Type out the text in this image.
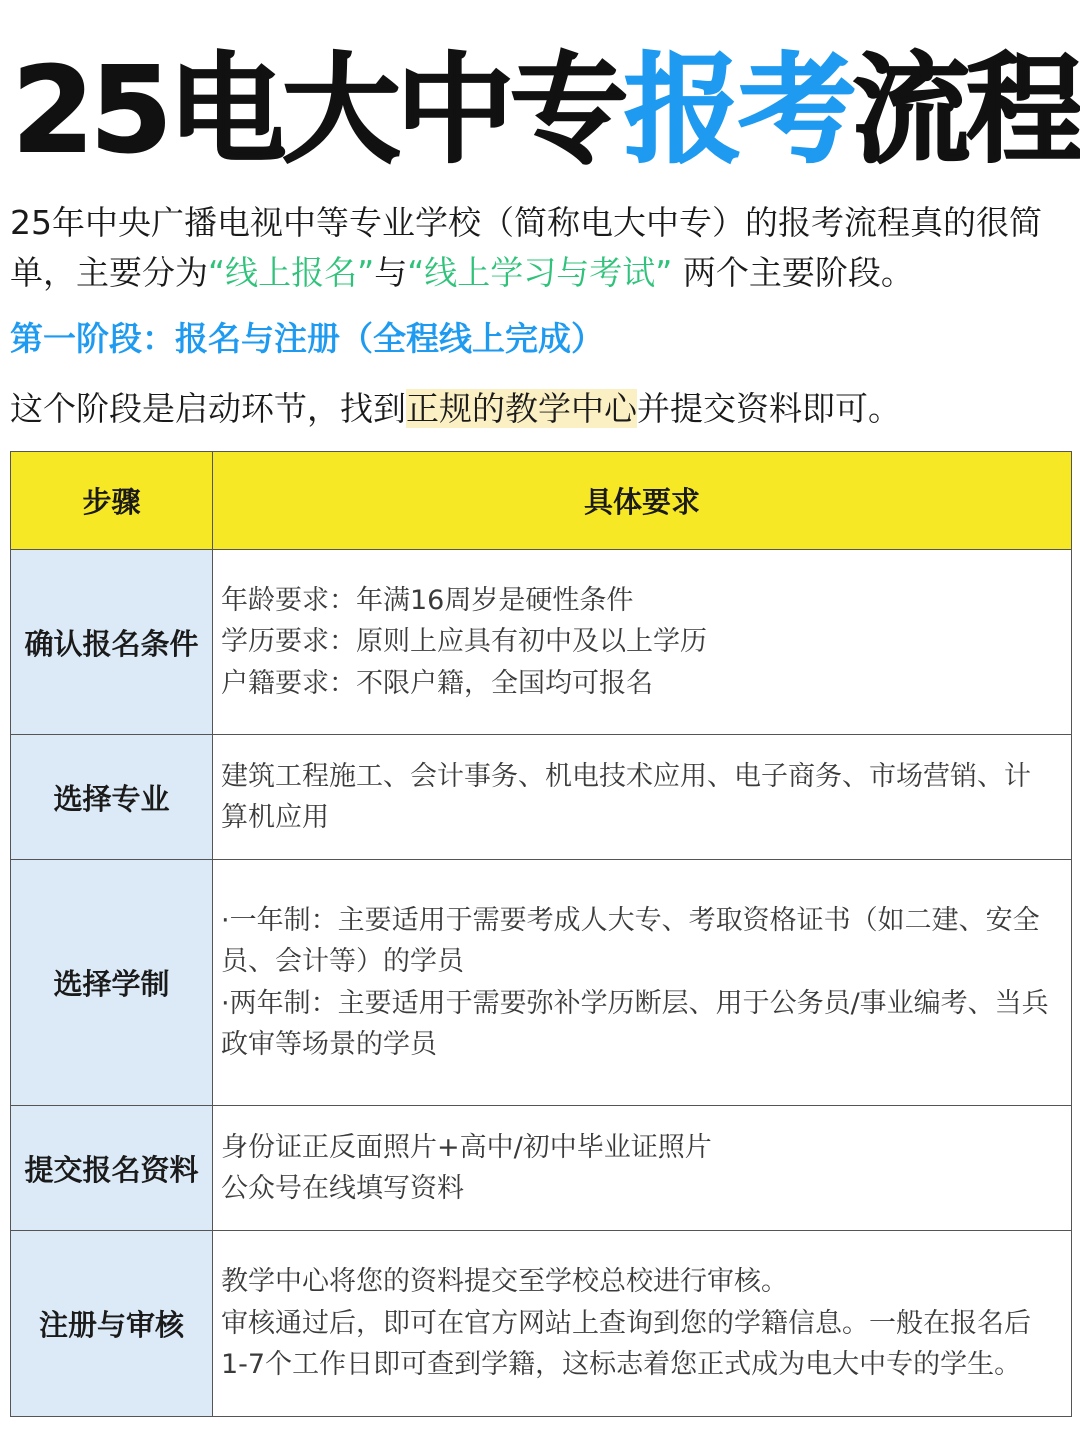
25电大中专报考流程
25年中央广播电视中等专业学校（简称电大中专）的报考流程真的很简单，主要分为“线上报名”与“线上学习与考试” 两个主要阶段。
第一阶段：报名与注册（全程线上完成）
这个阶段是启动环节，找到正规的教学中心并提交资料即可。
步骤	具体要求
确认报名条件	年龄要求：年满16周岁是硬性条件
学历要求：原则上应具有初中及以上学历
户籍要求：不限户籍，全国均可报名

选择专业	建筑工程施工、会计事务、机电技术应用、电子商务、市场营销、计算机应用

选择学制	·一年制：主要适用于需要考成人大专、考取资格证书（如二建、安全员、会计等）的学员
·两年制：主要适用于需要弥补学历断层、用于公务员/事业编考、当兵政审等场景的学员

提交报名资料	身份证正反面照片+高中/初中毕业证照片
公众号在线填写资料

注册与审核	教学中心将您的资料提交至学校总校进行审核。
审核通过后，即可在官方网站上查询到您的学籍信息。一般在报名后1-7个工作日即可查到学籍，这标志着您正式成为电大中专的学生。
